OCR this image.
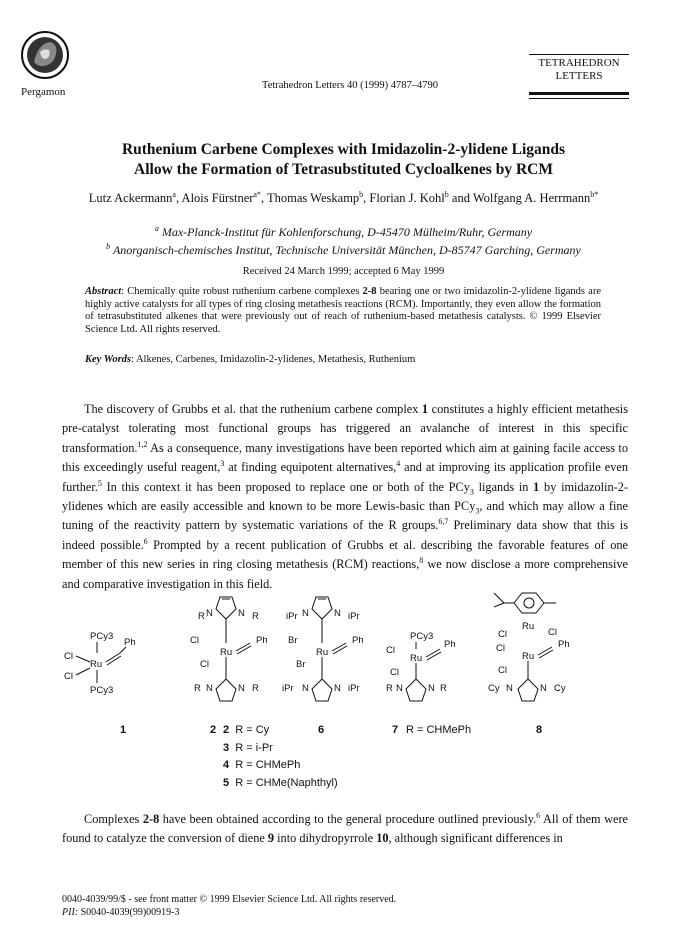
Pergamon
Tetrahedron Letters 40 (1999) 4787–4790
TETRAHEDRON
LETTERS
Ruthenium Carbene Complexes with Imidazolin-2-ylidene Ligands
Allow the Formation of Tetrasubstituted Cycloalkenes by RCM
Lutz Ackermann$^a$, Alois Fürstner$^{a*}$, Thomas Weskamp$^b$, Florian J. Kohl$^b$ and Wolfgang A. Herrmann$^{b*}$
$^a$ Max-Planck-Institut für Kohlenforschung, D-45470 Mülheim/Ruhr, Germany
$^b$ Anorganisch-chemisches Institut, Technische Universität München, D-85747 Garching, Germany
Received 24 March 1999; accepted 6 May 1999
Abstract: Chemically quite robust ruthenium carbene complexes 2-8 bearing one or two imidazolin-2-ylidene ligands are highly active catalysts for all types of ring closing metathesis reactions (RCM). Importantly, they even allow the formation of tetrasubstituted alkenes that were previously out of reach of ruthenium-based metathesis catalysts. © 1999 Elsevier Science Ltd. All rights reserved.
Key Words: Alkenes, Carbenes, Imidazolin-2-ylidenes, Metathesis, Ruthenium

The discovery of Grubbs et al. that the ruthenium carbene complex 1 constitutes a highly efficient metathesis pre-catalyst tolerating most functional groups has triggered an avalanche of interest in this specific transformation.$^{1,2}$ As a consequence, many investigations have been reported which aim at gaining facile access to this exceedingly useful reagent,$^3$ at finding equipotent alternatives,$^4$ and at improving its application profile even further.$^5$ In this context it has been proposed to replace one or both of the PCy$_3$ ligands in 1 by imidazolin-2-ylidenes which are easily accessible and known to be more Lewis-basic than PCy$_3$, and which may allow a fine tuning of the reactivity pattern by systematic variations of the R groups.$^{6,7}$ Preliminary data show that this is indeed possible.$^6$ Prompted by a recent publication of Grubbs et al. describing the favorable features of one member of this new series in ring closing metathesis (RCM) reactions,$^8$ we now disclose a more comprehensive and comparative investigation in this field.

PCy3
Cl
Ru
Ph
Cl
PCy3
1
R N	N R
Cl
Ru
Ph
Cl
R N	N R
2
iPr N	N iPr
Br
Ru
Ph
Br
iPr N	N iPr
6
PCy3
Cl
Ru
Ph
Cl
R N	N R
7 R = CHMePh
Cl
Ru
Cl
Cl
Ru
Ph
Cl
Cy N	N Cy
8
2 R = Cy
3 R = i-Pr
4 R = CHMePh
5 R = CHMe(Naphthyl)

Complexes 2-8 have been obtained according to the general procedure outlined previously.$^6$ All of them were found to catalyze the conversion of diene 9 into dihydropyrrole 10, although significant differences in

0040-4039/99/$ - see front matter © 1999 Elsevier Science Ltd. All rights reserved.
PII: S0040-4039(99)00919-3
